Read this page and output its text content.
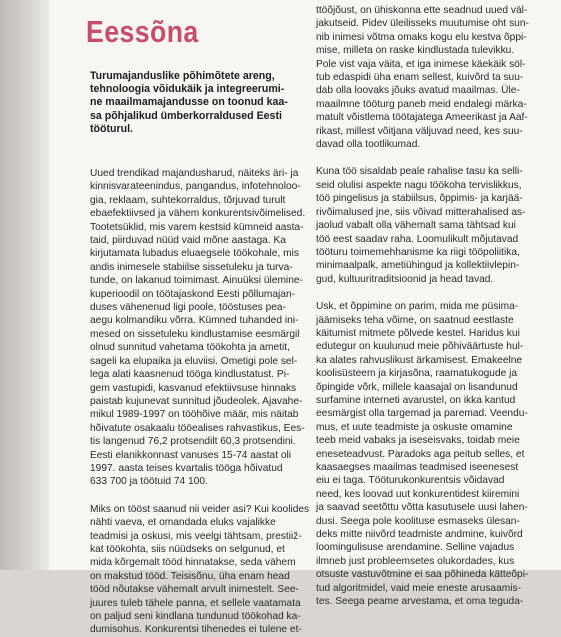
Eessõna
Turumajanduslike põhimõtete areng,
tehnoloogia võidukäik ja integreerumi-
ne maailmamajandusse on toonud kaa-
sa põhjalikud ümberkorraldused Eesti
tööturul.

Uued trendikad majandusharud, näiteks äri- ja
kinnisvarateenindus, pangandus, infotehnoloo-
gia, reklaam, suhtekorraldus, tõrjuvad turult
ebaefektiivsed ja vähem konkurentsivõimelised.
Tootetsüklid, mis varem kestsid kümneid aasta-
taid, piirduvad nüüd vaid mõne aastaga. Ka
kirjutamata lubadus eluaegsele töökohale, mis
andis inimesele stabiilse sissetuleku ja turva-
tunde, on lakanud toimimast. Ainuüksi üleminе-
kuperioodil on töötajaskond Eesti põllumajan-
duses vähenenud ligi poole, tööstuses pea-
aegu kolmandiku võrra. Kümned tuhanded ini-
mesed on sissetuleku kindlustamise eesmärgil
olnud sunnitud vahetama töökohta ja ametit,
sageli ka elupaika ja eluviisi. Ometigi pole sel-
lega alati kaasnenud tööga kindlustatust. Pi-
gem vastupidi, kasvanud efektiivsuse hinnaks
paistab kujunevat sunnitud jõudeolek. Ajavahe-
mikul 1989-1997 on tööhõive määr, mis näitab
hõivatute osakaalu tööealises rahvastikus, Ees-
tis langenud 76,2 protsendilt 60,3 protsendini.
Eesti elanikkonnast vanuses 15-74 aastat oli
1997. aasta teises kvartalis tööga hõivatud
633 700 ja töötuid 74 100.

Miks on tööst saanud nii veider asi? Kui koolides
nähti vaeva, et omandada eluks vajalikke
teadmisi ja oskusi, mis veelgi tähtsam, prestiiž-
kat töökohta, siis nüüdseks on selgunud, et
mida kõrgemalt tööd hinnatakse, seda vähem
on makstud tööd. Teisisõnu, üha enam head
tööd nõutakse vähemalt arvult inimestelt. See-
juures tuleb tähele panna, et sellele vaatamata
on paljud seni kindlana tundunud töökohad ka-
dumisohus. Konkurentsi tihenedes ei tulene et-

ttöõjõust, on ühiskonna ette seadnud uued väl-
jakutseid. Pidev üleilisseks muutumise oht sun-
nib inimesi võtma omaks kogu elu kestva õppi-
mise, milleta on raske kindlustada tulevikku.
Pole vist vaja väita, et iga inimese käekäik söl-
tub edaspidi üha enam sellest, kuivõrd ta suu-
dab olla loovaks jõuks avatud maailmas. Üle-
maailmne tööturg paneb meid endalegi märka-
matult võistlema töötajatega Ameerikast ja Aaf-
rikast, millest võitjana väljuvad need, kes suu-
davad olla tootlikumad.

Kuna töö sisaldab peale rahalise tasu ka selli-
seid olulisi aspekte nagu töökoha tervislikkus,
töö pingelisus ja stabiilsus, õppimis- ja karjää-
rivõimalused jne, siis võivad mitterahalised as-
jaolud vabalt olla vähemalt sama tähtsad kui
töö eest saadav raha. Loomulikult mõjutavad
tööturu toimemehhanisme ka riigi tööpoliitika,
minimaalpalk, ametiühingud ja kollektiivlepin-
gud, kultuuritraditsioonid ja head tavad.

Usk, et õppimine on parim, mida me püsima-
jäämiseks teha võime, on saatnud eestlaste
käitumist mitmete põlvede kestel. Haridus kui
edutegur on kuulunud meie põhiväärtuste hul-
ka alates rahvuslikust ärkamisest. Emakeelne
koolisüsteem ja kirjasõna, raamatukogude ja
õpingide võrk, millele kaasajal on lisandunud
surfamine interneti avarustel, on ikka kantud
eesmärgist olla targemad ja paremad. Veendu-
mus, et uute teadmiste ja oskuste omamine
teeb meid vabaks ja iseseisvaks, toidab meie
eneseteadvust. Paradoks aga peitub selles, et
kaasaegses maailmas teadmised iseenesest
eiu ei taga. Tööturukonkurentsis võidavad
need, kes loovad uut konkurentidest kiiremini
ja saavad seetõttu võtta kasutusele uusi lahen-
dusi. Seega pole koolituse esmaseks ülesan-
deks mitte niivõrd teadmiste andmine, kuivõrd
loomingulisuse arendamine. Selline vajadus
ilmneb just probleemsetes olukordades, kus
otsuste vastuvõtmine ei saa põhineda kätteõpi-
tud algoritmidel, vaid meie eneste arusaamis-
tes. Seega peame arvestama, et oma teguda-
